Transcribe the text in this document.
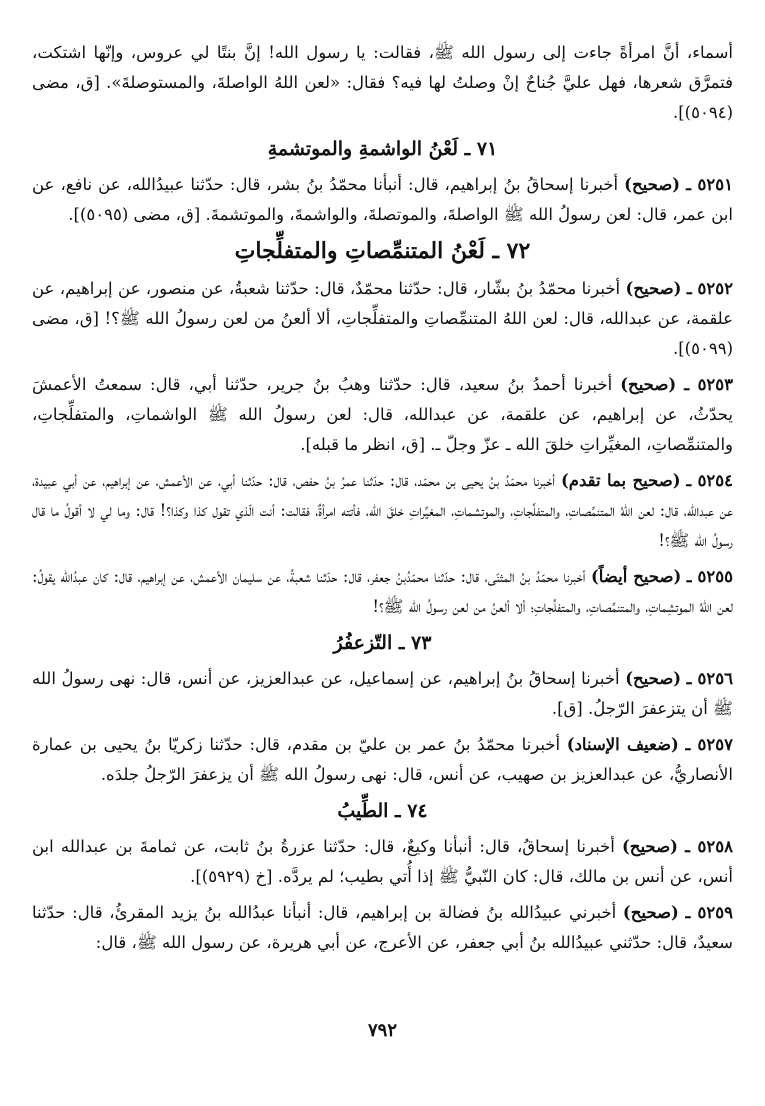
أسماء، أنَّ امرأةً جاءت إلى رسول الله ﷺ، فقالت: يا رسول الله! إنَّ بنتًا لي عروس، وإنّها اشتكت، فتمرَّق شعرها، فهل عليَّ جُناحٌ إنْ وصلتُ لها فيه؟ فقال: «لعن اللهُ الواصلةَ، والمستوصلةَ». [ق، مضى (٥٠٩٤)].

٧١ ـ لَعْنُ الواشمةِ والموتشمةِ

٥٢٥١ ـ (صحيح) أخبرنا إسحاقُ بنُ إبراهيم، قال: أنبأنا محمّدُ بنُ بشر، قال: حدّثنا عبيدُالله، عن نافع، عن ابن عمر، قال: لعن رسولُ الله ﷺ الواصلةَ، والموتصلةَ، والواشمةَ، والموتشمةَ. [ق، مضى (٥٠٩٥)].

٧٢ ـ لَعْنُ المتنمِّصاتِ والمتفلِّجاتِ

٥٢٥٢ ـ (صحيح) أخبرنا محمّدُ بنُ بشّار، قال: حدّثنا محمّدٌ، قال: حدّثنا شعبةُ، عن منصور، عن إبراهيم، عن علقمة، عن عبدالله، قال: لعن اللهُ المتنمِّصاتِ والمتفلِّجاتِ، ألا ألعنُ من لعن رسولُ الله ﷺ؟! [ق، مضى (٥٠٩٩)].

٥٢٥٣ ـ (صحيح) أخبرنا أحمدُ بنُ سعيد، قال: حدّثنا وهبُ بنُ جرير، حدّثنا أبي، قال: سمعتُ الأعمشَ يحدّثُ، عن إبراهيم، عن علقمة، عن عبدالله، قال: لعن رسولُ الله ﷺ الواشماتِ، والمتفلِّجاتِ، والمتنمِّصاتِ، المغيِّراتِ خلقَ الله ـ عزّ وجلّ ـ. [ق، انظر ما قبله].

٥٢٥٤ ـ (صحيح بما تقدم) أخبرنا محمّدُ بنُ يحيى بن محمّد، قال: حدّثنا عمرُ بنُ حفص، قال: حدّثنا أبي، عن الأعمش، عن إبراهيم، عن أبي عبيدة، عن عبدالله، قال: لعن اللهُ المتنمِّصاتِ، والمتفلِّجاتِ، والموتشماتِ، المغيِّراتِ خلقَ الله، فأتته امرأةٌ، فقالت: أنت الّذي تقول كذا وكذا؟! قال: وما لي لا أقولُ ما قال رسولُ الله ﷺ؟!

٥٢٥٥ ـ (صحيح أيضاً) أخبرنا محمّدُ بنُ المثنّى، قال: حدّثنا محمّدُبنُ جعفر، قال: حدّثنا شعبةُ، عن سليمان الأعمش، عن إبراهيم، قال: كان عبدُالله يقولُ: لعن اللهُ الموتشِماتِ، والمتنمِّصاتِ، والمتفلِّجاتِ؛ ألا ألعنُ من لعن رسولُ الله ﷺ؟!

٧٣ ـ التّزعفُرُ

٥٢٥٦ ـ (صحيح) أخبرنا إسحاقُ بنُ إبراهيم، عن إسماعيل، عن عبدالعزيز، عن أنس، قال: نهى رسولُ الله ﷺ أن يتزعفرَ الرّجلُ. [ق].

٥٢٥٧ ـ (ضعيف الإسناد) أخبرنا محمّدُ بنُ عمر بن عليّ بن مقدم، قال: حدّثنا زكريّا بنُ يحيى بن عمارة الأنصاريُّ، عن عبدالعزيز بن صهيب، عن أنس، قال: نهى رسولُ الله ﷺ أن يزعفرَ الرّجلُ جلدَه.

٧٤ ـ الطِّيبُ

٥٢٥٨ ـ (صحيح) أخبرنا إسحاقُ، قال: أنبأنا وكيعٌ، قال: حدّثنا عزرةُ بنُ ثابت، عن ثمامةَ بن عبدالله ابن أنس، عن أنس بن مالك، قال: كان النّبيُّ ﷺ إذا أُتي بطيب؛ لم يردَّه. [خ (٥٩٢٩)].

٥٢٥٩ ـ (صحيح) أخبرني عبيدُالله بنُ فضالة بن إبراهيم، قال: أنبأنا عبدُالله بنُ يزيد المقرئُ، قال: حدّثنا سعيدٌ، قال: حدّثني عبيدُالله بنُ أبي جعفر، عن الأعرج، عن أبي هريرة، عن رسول الله ﷺ، قال:

٧٩٢
